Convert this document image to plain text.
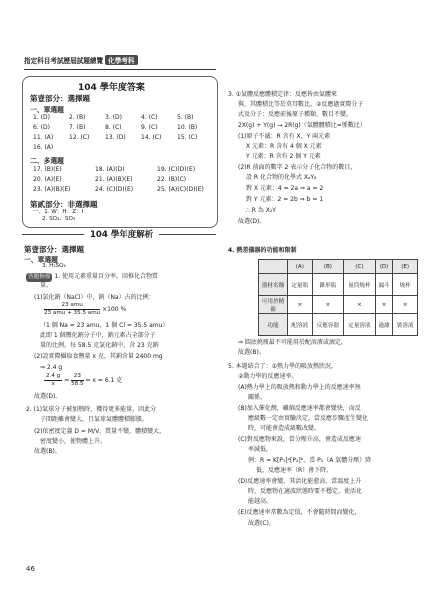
指定科目考試歷屆試題總覽 化學考科
104 學年度答案
第壹部分：選擇題
一、單選題
1. (D)	2. (B)	3. (D)	4. (C)	5. (B)
6. (D)	7. (B)	8. (C)	9. (C)	10. (B)
11. (A)	12. (C)	13. (D)	14. (C)	15. (C)
16. (A)
二、多選題
17. (B)(E)	18. (A)(D)	19. (C)(D)(E)
20. (A)(E)	21. (A)(B)(E)	22. (B)(C)
23. (A)(B)(E)	24. (C)(D)(E)	25. (A)(C)(D)(E)
第貳部分：非選擇題
一、1. W：H：Z：I
2. SO₂、SO₃
3. H₂SO₄
104 學年度解析
第壹部分：選擇題
一、單選題
答題指導 1. 使用元素重量百分率，回推化合物質
量。
(1)氯化鈉（NaCl）中，鈉（Na）占的比例：
$\frac{\text{23 amu}}{\text{23 amu + 35.5 amu}} \times 100$ %
（1 個 Na = 23 amu，1 個 Cl = 35.5 amu）
此即 1 個鹽化鈉分子中，鈉元素占全部分子
量的比例，每 58.5 克氯化鈉中，含 23 克鈉
(2)設實際攝取食鹽量 x 克，其鈉含量 2400 mg
⇒ 2.4 g
$\frac{2.4 g}{x} = \frac{23}{58.5} = x = 6.1$ 克
故選(D)。
2. (1)氣球分子被加熱時，獲得更多能量，因此分
子間距離會變大，且氣球氣體體積膨脹。
(2)依密度定義 D = M/V，質量不變，體積變大，
密度變小，使物體上升。
故選(B)。
3. ①氣體反應體積定律：反應皆由氣體來
與，其體積比等於莫耳數比。②反應過實際分子
式及分子：反應前後原子種類、數目不變。
2X(g) + Y(g) → 2R(g)（氣體體積比=係數比）
(1)原子不滅：R 含有 X、Y 兩元素
X 元素：R 含有 4 個 X 元素
Y 元素：R 含有 2 個 Y 元素
(2)R 前面的數字 2 表示分子化合物的數目，
設 R 化合物的化學式 XₐYᵦ
對 X 元素：4 = 2a ⇒ a = 2
對 Y 元素：2 = 2b ⇒ b = 1
∴ R 為 X₂Y
故選(D)。
4. 熱差儀器的功能和限制
	(A)	(B)	(C)	(D)	(E)
器材名稱	定量瓶	錐形瓶	量筒燒杯	漏斗	燒杯
可用於精確	×	×	×	×	×
功能	配溶液	反應容器	定量溶液	過濾	裝溶液
⇒ 圓底燒瓶最不可能用於配溶液或滴定，
故選(B)。
5. 本題結合了：①熱力學的吸放熱狀況，
②動力學的反應速率。
(A)熱力學上的吸放熱和動力學上的反應速率無
關係。
(B)加入催化劑，雖個反應速率都會變快，而反
應級數一定由實驗決定，當反應步驟產生變化
時，可能會造成級數改變。
(C)對反應物來說，當分壓升高，會造成反應速
率減低。
例：R = K[P₁]ᵃ[P₂]ᵇ，當 P₁（A 氣體分壓）降
低，反應速率（R）會下降。
(D)反應速率會變，其活化能愈高，當溫度上升
時，反應物在適波狀態時要不穩定，使活化
能越高。
(E)反應速率常數為定值，不會隨時間而變化，
故選(C)。
46
